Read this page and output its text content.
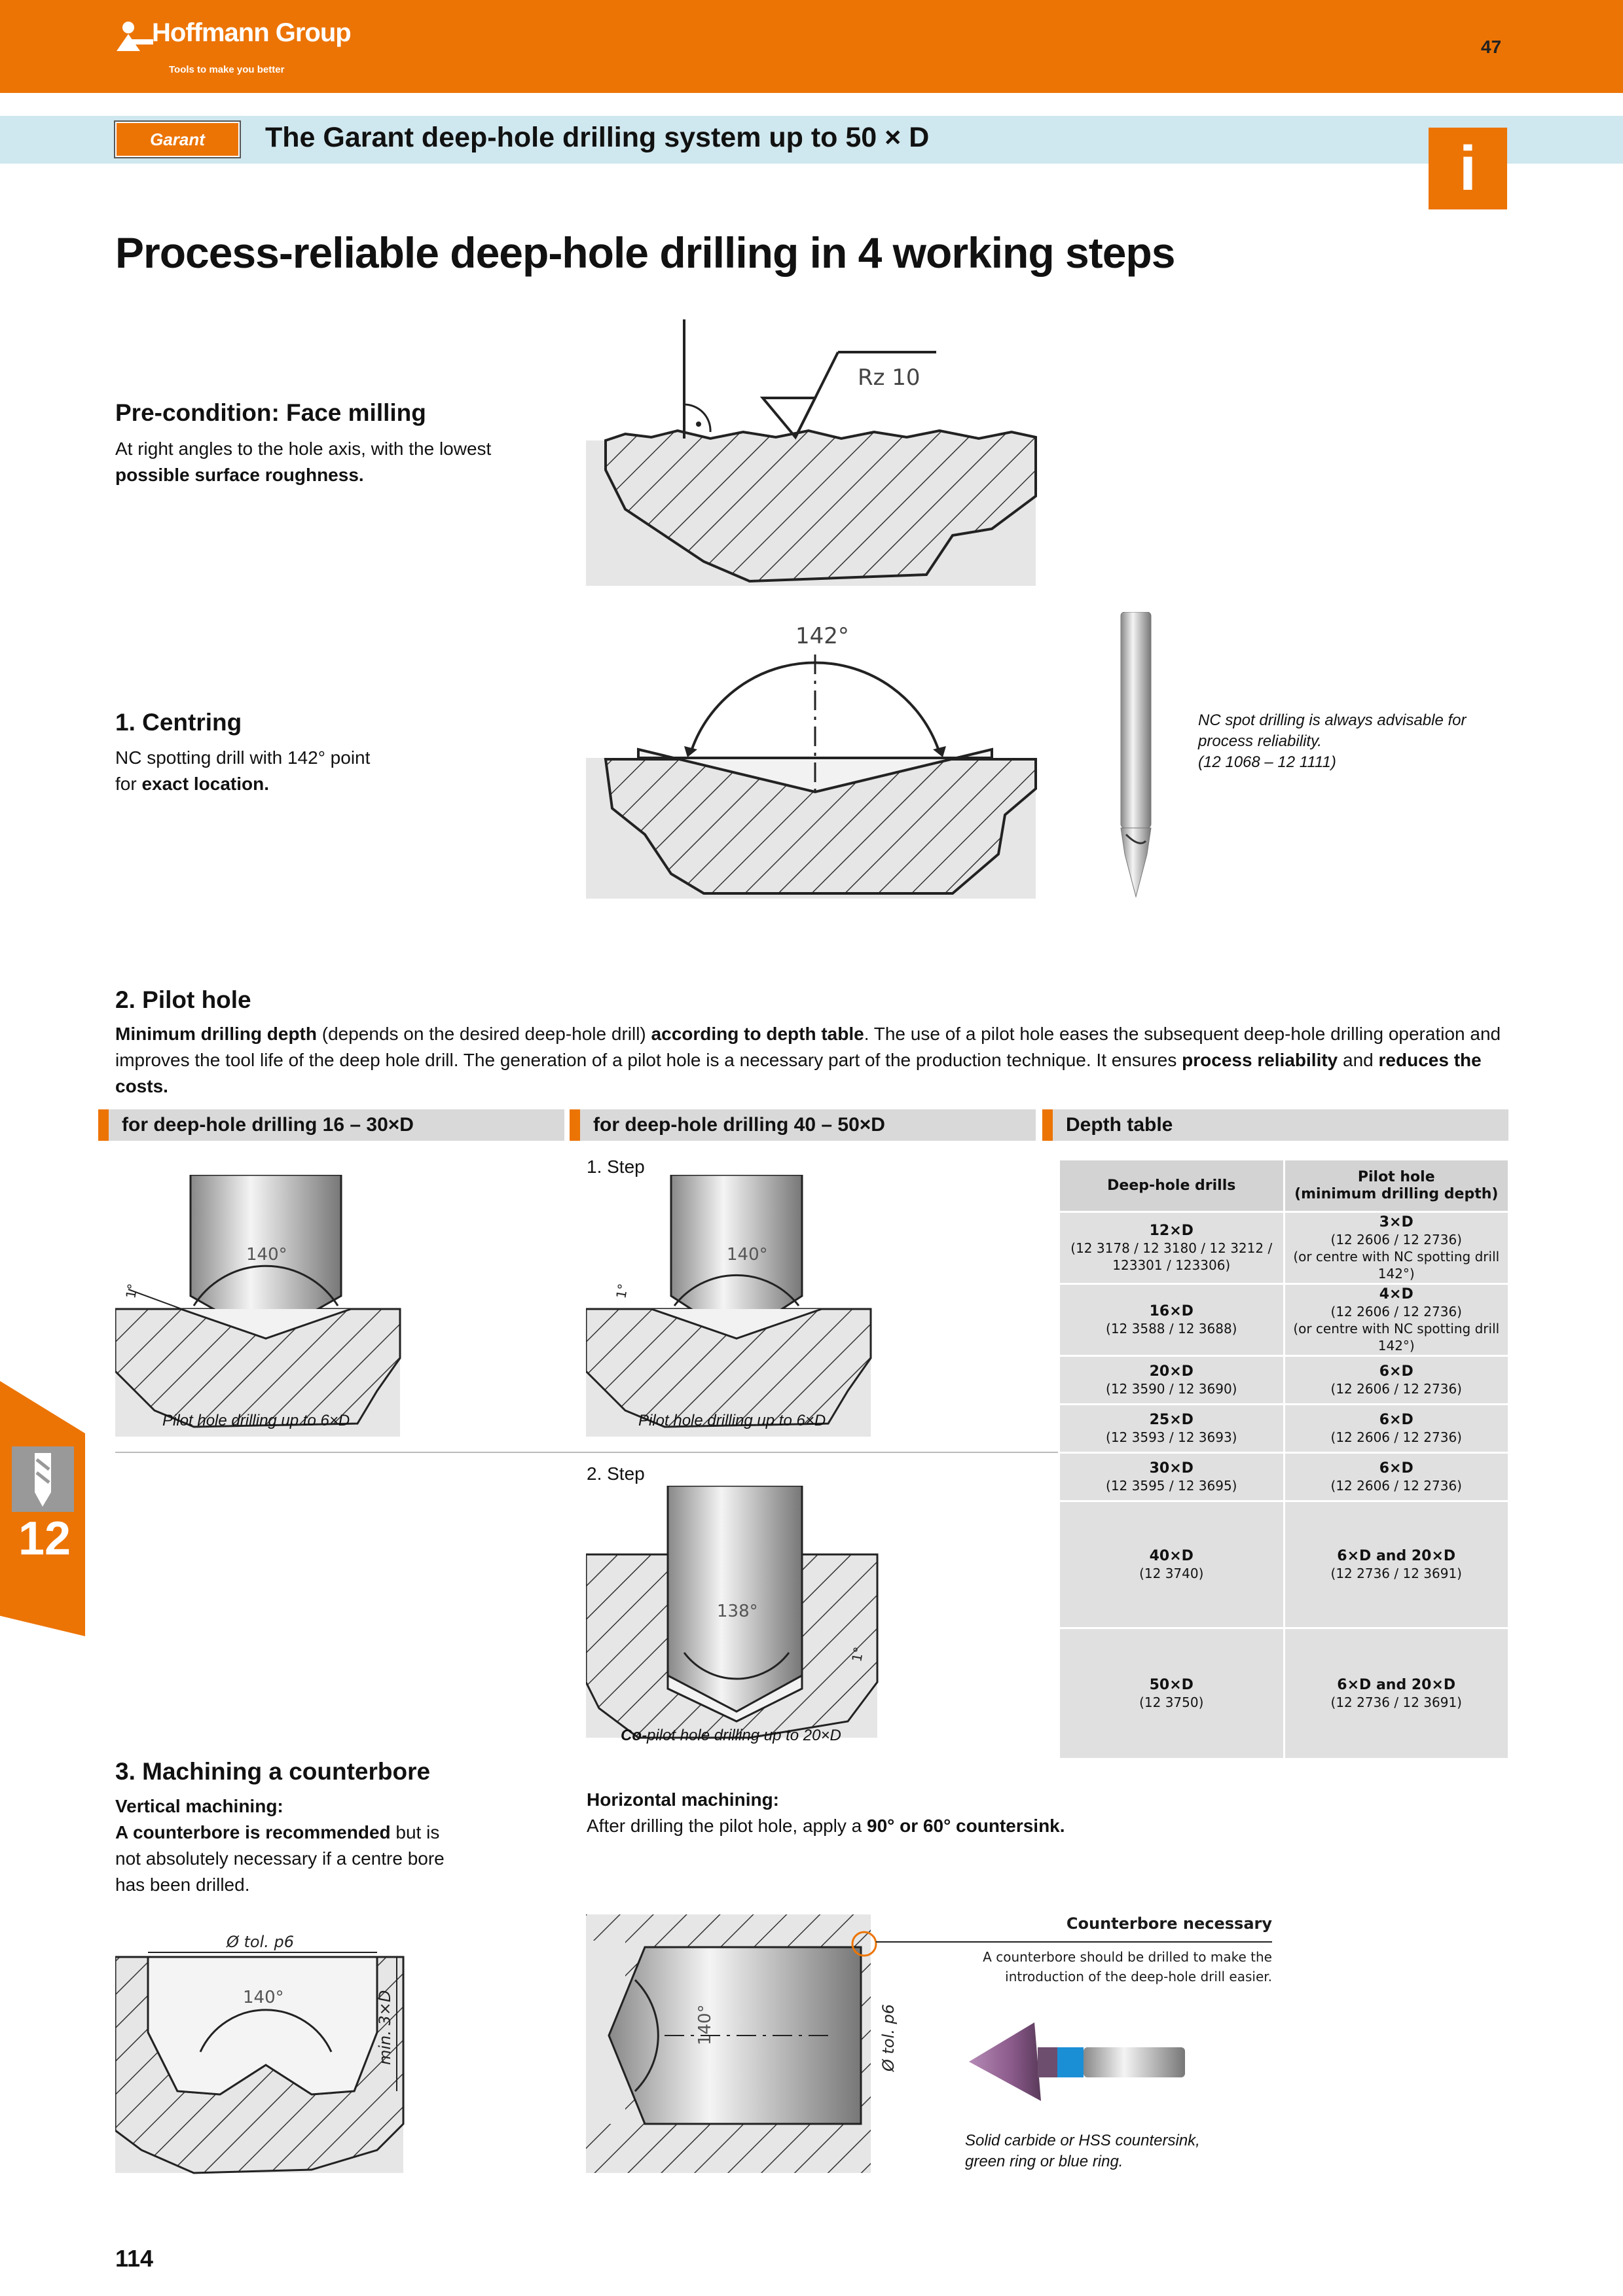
Hoffmann Group
Tools to make you better
47	GBP
Garant	The Garant deep-hole drilling system up to 50 × D	i
Process-reliable deep-hole drilling in 4 working steps
Pre-condition: Face milling
At right angles to the hole axis, with the lowest
possible surface roughness.
Rz 10
1. Centring
NC spotting drill with 142° point
for exact location.
142°
NC spot drilling is always advisable for
process reliability.
(12 1068 – 12 1111)
2. Pilot hole
Minimum drilling depth (depends on the desired deep-hole drill) according to depth table. The use of a pilot hole eases the subsequent deep-hole drilling operation and improves the tool life of the deep hole drill. The generation of a pilot hole is a necessary part of the production technique. It ensures process reliability and reduces the costs.
for deep-hole drilling 16 – 30×D	for deep-hole drilling 40 – 50×D	Depth table
140°
1°
Pilot hole drilling up to 6×D
1. Step
140°
1°
Pilot hole drilling up to 6×D
2. Step
138°
1°
Co-pilot hole drilling up to 20×D
Deep-hole drills	Pilot hole
(minimum drilling depth)
12×D
(12 3178 / 12 3180 / 12 3212 /
123301 / 123306)	3×D
(12 2606 / 12 2736)
(or centre with NC spotting drill 142°)
16×D
(12 3588 / 12 3688)	4×D
(12 2606 / 12 2736)
(or centre with NC spotting drill 142°)
20×D
(12 3590 / 12 3690)	6×D
(12 2606 / 12 2736)
25×D
(12 3593 / 12 3693)	6×D
(12 2606 / 12 2736)
30×D
(12 3595 / 12 3695)	6×D
(12 2606 / 12 2736)
40×D
(12 3740)	6×D and 20×D
(12 2736 / 12 3691)
50×D
(12 3750)	6×D and 20×D
(12 2736 / 12 3691)
3. Machining a counterbore
Vertical machining:
A counterbore is recommended but is
not absolutely necessary if a centre bore
has been drilled.
Horizontal machining:
After drilling the pilot hole, apply a 90° or 60° countersink.
Ø tol. p6
140°	min. 3×D	140°	Ø tol. p6
Counterbore necessary
A counterbore should be drilled to make the
introduction of the deep-hole drill easier.
Solid carbide or HSS countersink,
green ring or blue ring.
12
114
